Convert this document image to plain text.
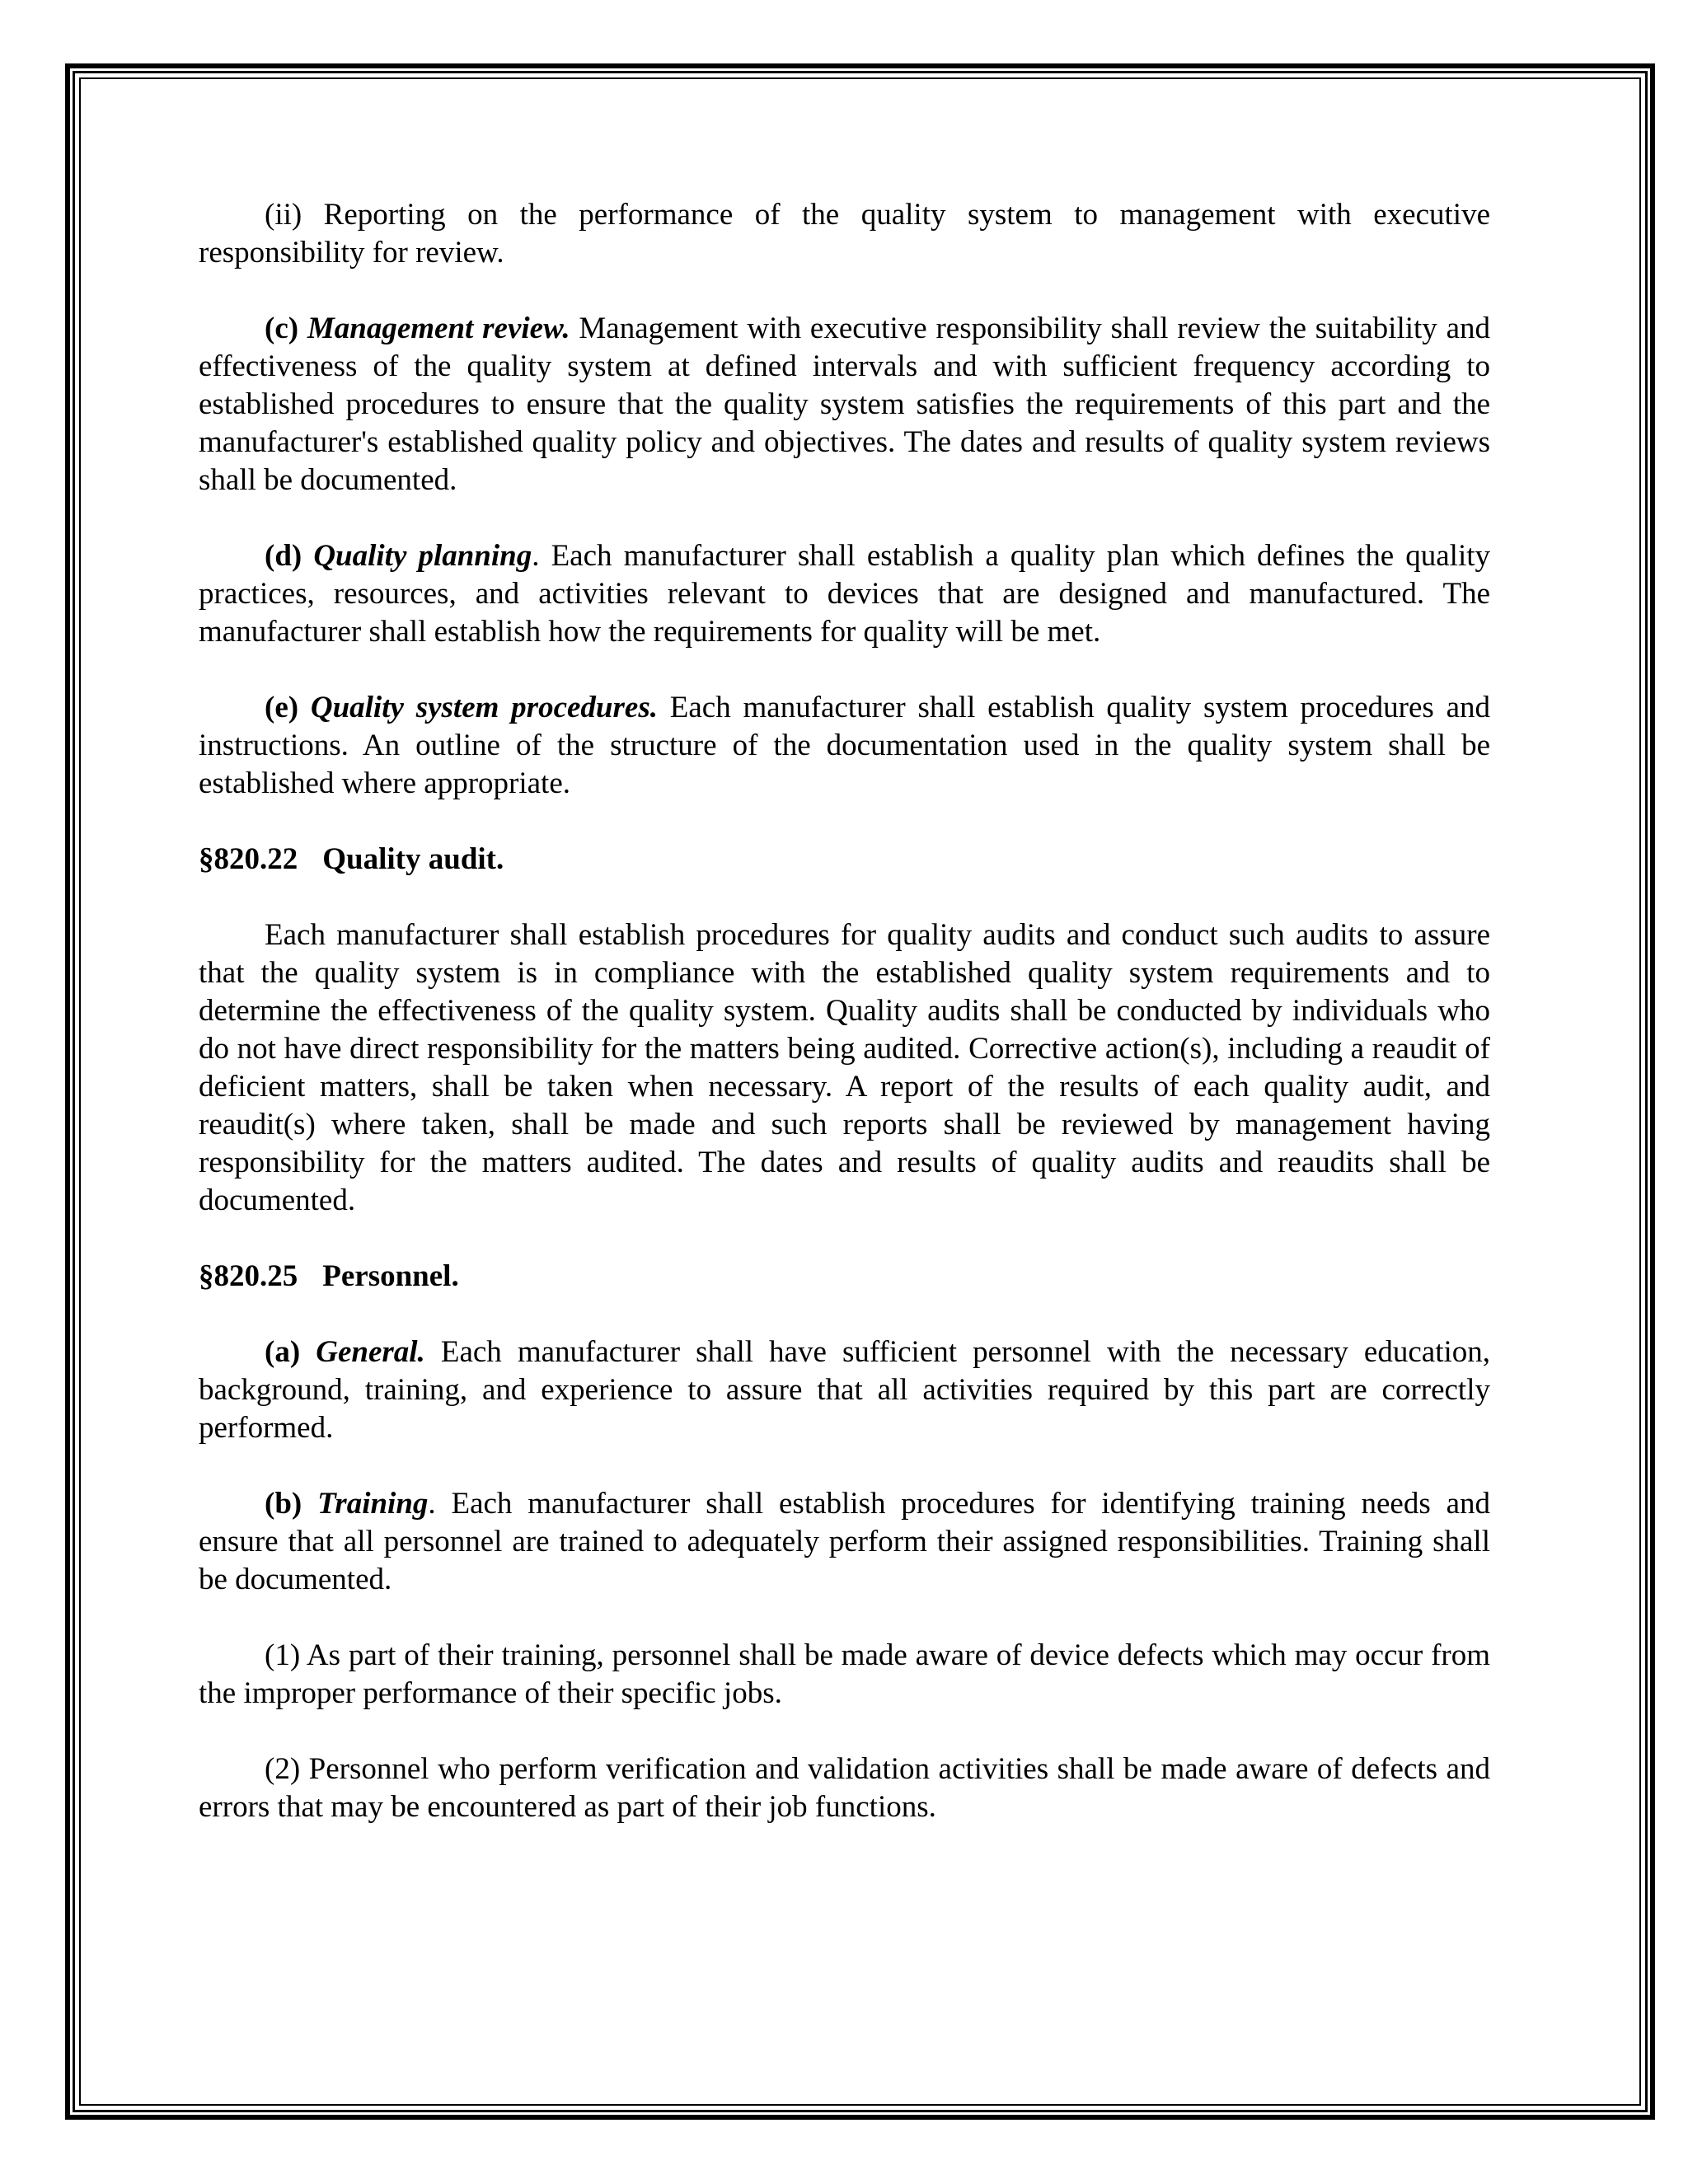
(ii) Reporting on the performance of the quality system to management with executive responsibility for review.

(c) Management review. Management with executive responsibility shall review the suitability and effectiveness of the quality system at defined intervals and with sufficient frequency according to established procedures to ensure that the quality system satisfies the requirements of this part and the manufacturer's established quality policy and objectives. The dates and results of quality system reviews shall be documented.

(d) Quality planning. Each manufacturer shall establish a quality plan which defines the quality practices, resources, and activities relevant to devices that are designed and manufactured. The manufacturer shall establish how the requirements for quality will be met.

(e) Quality system procedures. Each manufacturer shall establish quality system procedures and instructions. An outline of the structure of the documentation used in the quality system shall be established where appropriate.

§820.22 Quality audit.

Each manufacturer shall establish procedures for quality audits and conduct such audits to assure that the quality system is in compliance with the established quality system requirements and to determine the effectiveness of the quality system. Quality audits shall be conducted by individuals who do not have direct responsibility for the matters being audited. Corrective action(s), including a reaudit of deficient matters, shall be taken when necessary. A report of the results of each quality audit, and reaudit(s) where taken, shall be made and such reports shall be reviewed by management having responsibility for the matters audited. The dates and results of quality audits and reaudits shall be documented.

§820.25 Personnel.

(a) General. Each manufacturer shall have sufficient personnel with the necessary education, background, training, and experience to assure that all activities required by this part are correctly performed.

(b) Training. Each manufacturer shall establish procedures for identifying training needs and ensure that all personnel are trained to adequately perform their assigned responsibilities. Training shall be documented.

(1) As part of their training, personnel shall be made aware of device defects which may occur from the improper performance of their specific jobs.

(2) Personnel who perform verification and validation activities shall be made aware of defects and errors that may be encountered as part of their job functions.
